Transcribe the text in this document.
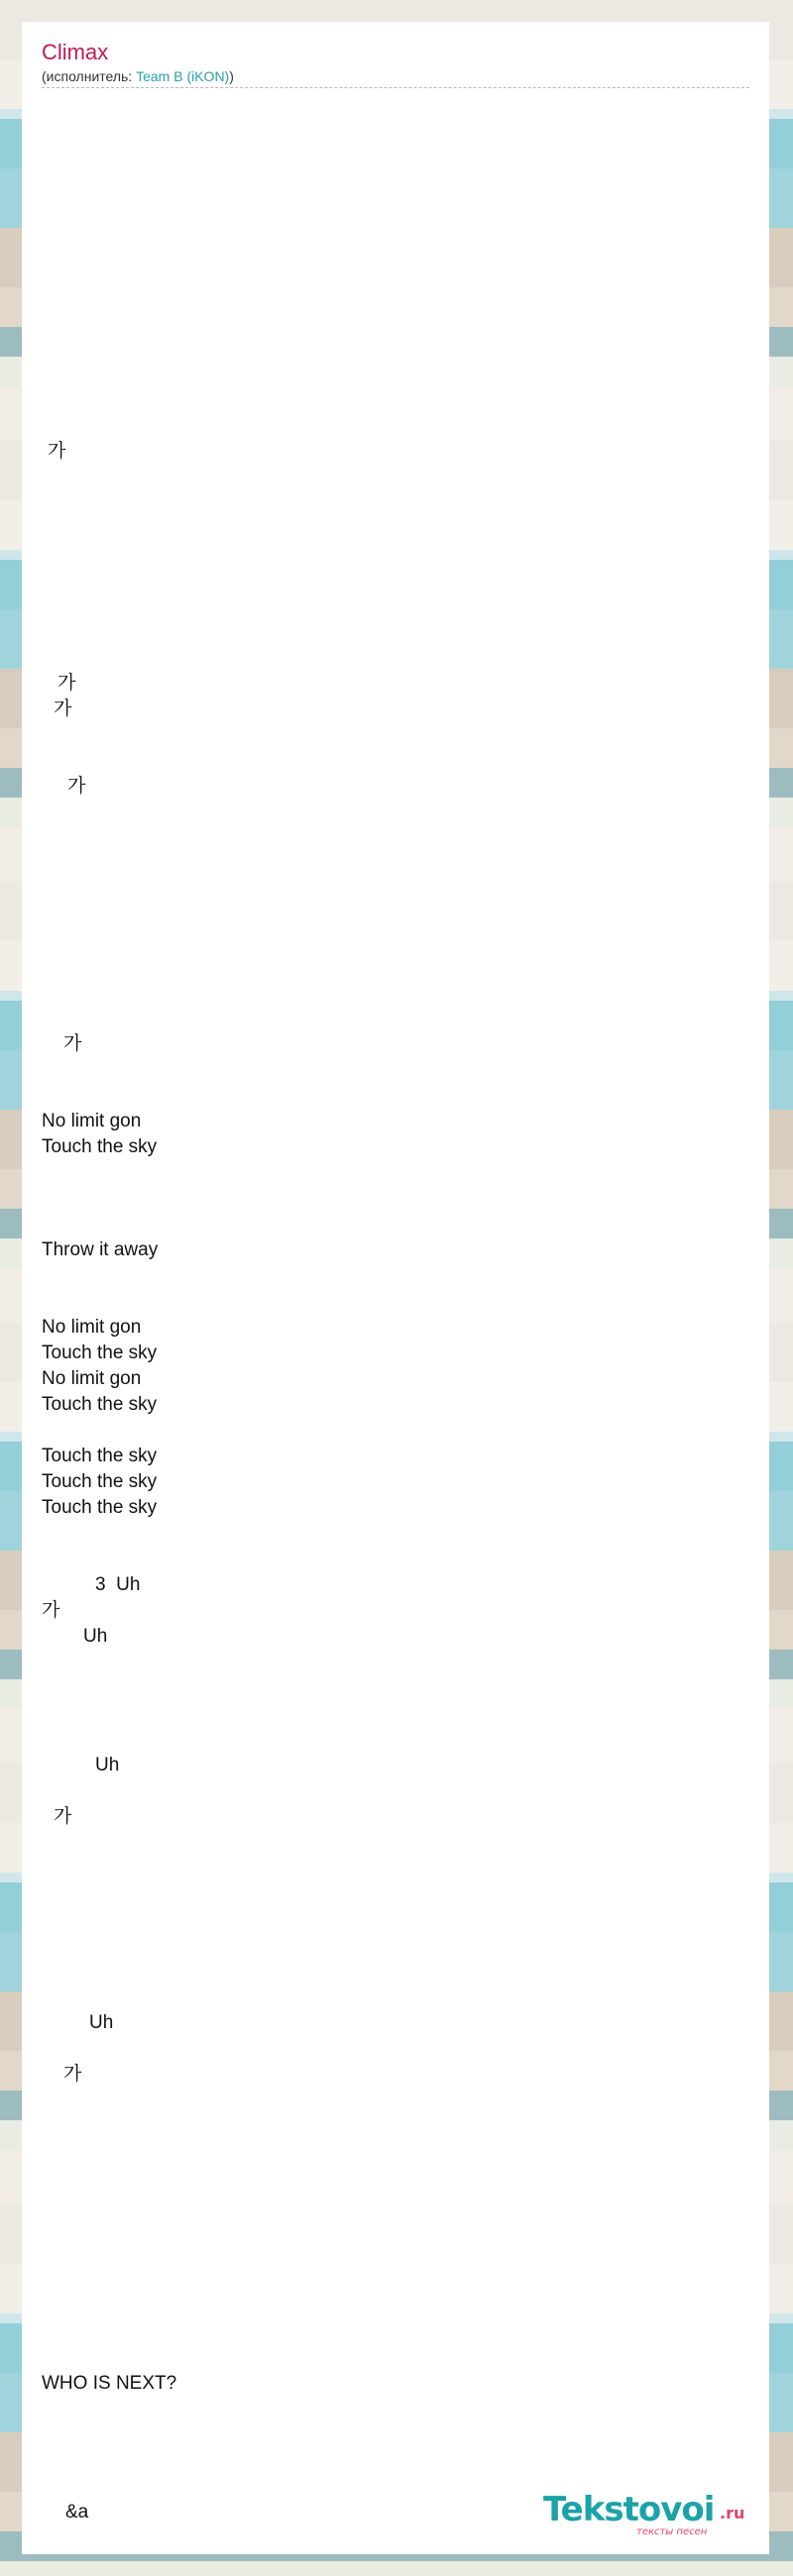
Climax
(исполнитель: Team B (iKON))
가
가
가
가
가
No limit gon
Touch the sky
Throw it away
No limit gon
Touch the sky
No limit gon
Touch the sky
Touch the sky
Touch the sky
Touch the sky
3  Uh
가
Uh
Uh
가
Uh
가
WHO IS NEXT?
&a	Tekstovoi .ru
тексты песен
